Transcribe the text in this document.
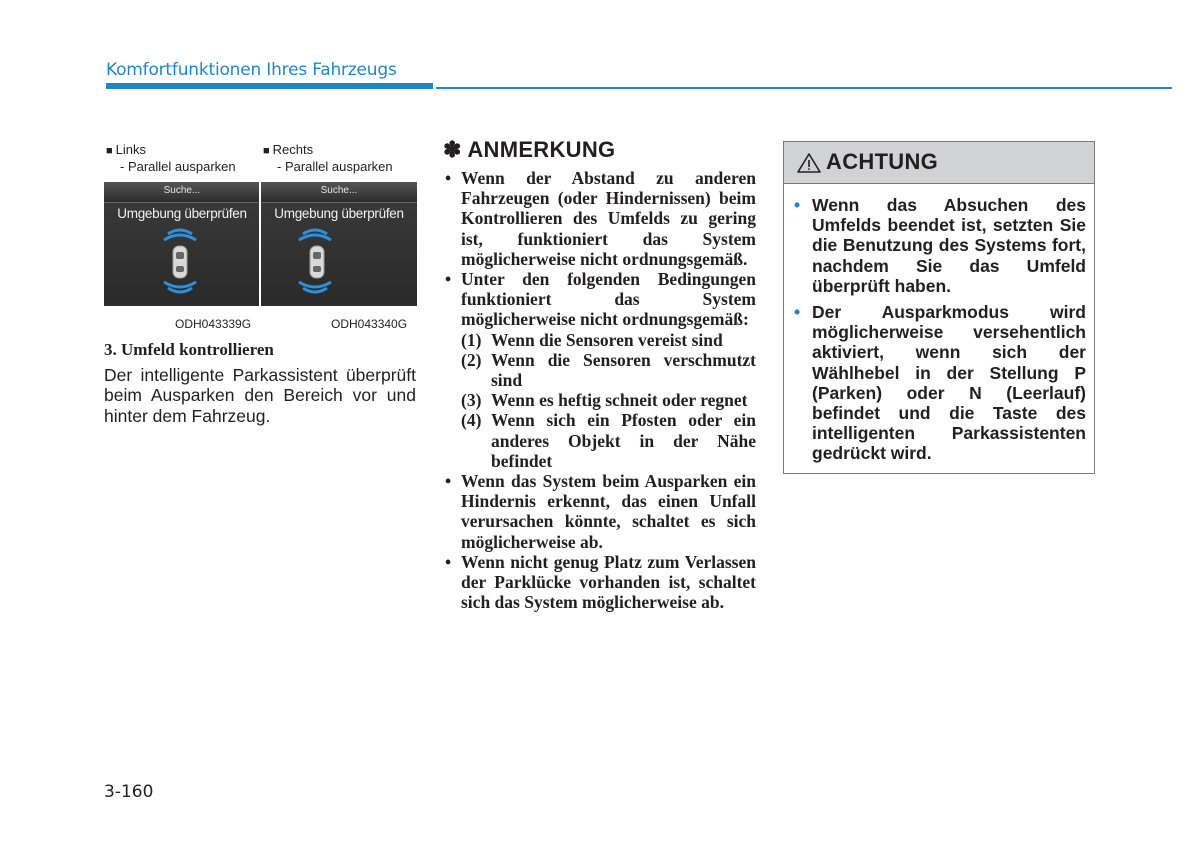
Komfortfunktionen Ihres Fahrzeugs
■ Links
- Parallel ausparken
■ Rechts
- Parallel ausparken
Suche...
Umgebung überprüfen
Suche...
Umgebung überprüfen
ODH043339G	ODH043340G
3. Umfeld kontrollieren
Der intelligente Parkassistent überprüft beim Ausparken den Bereich vor und hinter dem Fahrzeug.
✽ ANMERKUNG
• Wenn der Abstand zu anderen Fahrzeugen (oder Hindernissen) beim Kontrollieren des Umfelds zu gering ist, funktioniert das System möglicherweise nicht ordnungsgemäß.
• Unter den folgenden Bedingungen funktioniert das System möglicherweise nicht ordnungsgemäß:
(1) Wenn die Sensoren vereist sind
(2) Wenn die Sensoren verschmutzt sind
(3) Wenn es heftig schneit oder regnet
(4) Wenn sich ein Pfosten oder ein anderes Objekt in der Nähe befindet
• Wenn das System beim Ausparken ein Hindernis erkennt, das einen Unfall verursachen könnte, schaltet es sich möglicherweise ab.
• Wenn nicht genug Platz zum Verlassen der Parklücke vorhanden ist, schaltet sich das System möglicherweise ab.
ACHTUNG
• Wenn das Absuchen des Umfelds beendet ist, setzten Sie die Benutzung des Systems fort, nachdem Sie das Umfeld überprüft haben.
• Der Ausparkmodus wird möglicherweise versehentlich aktiviert, wenn sich der Wählhebel in der Stellung P (Parken) oder N (Leerlauf) befindet und die Taste des intelligenten Parkassistenten gedrückt wird.
3-160
